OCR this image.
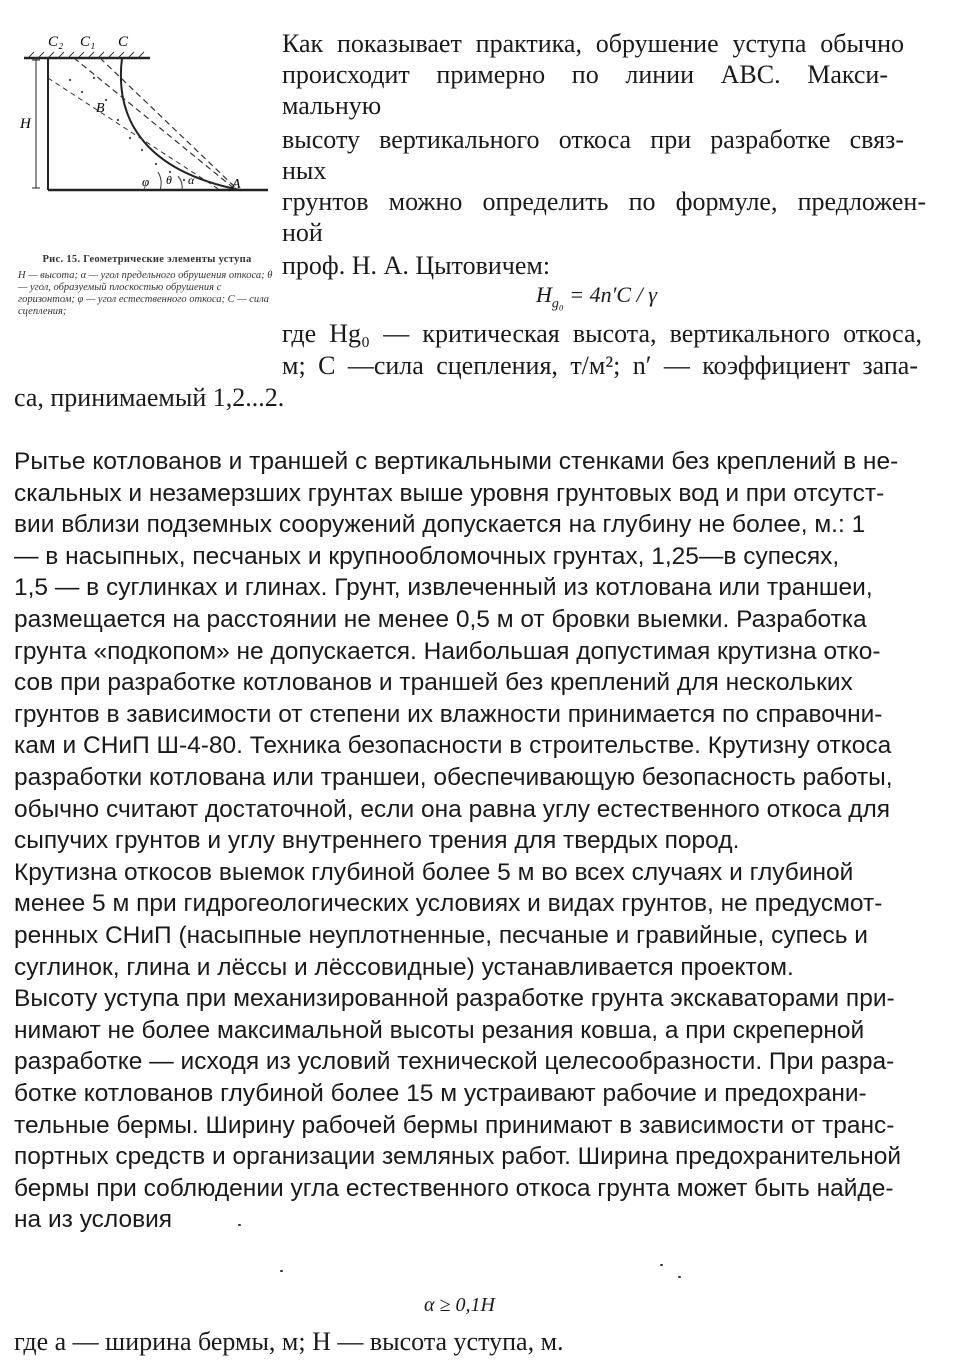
C₂ C₁ C
H
B
A
φ θ α
Рис. 15. Геометрические элементы уступа
Н — высота; α — угол предельного обрушения откоса; θ — угол, образуемый плоскостью обрушения с горизонтом; φ — угол естественного откоса; С — сила сцепления;
Как показывает практика, обрушение уступа обычно
происходит примерно по линии АВС. Макси-
мальную
высоту вертикального откоса при разработке связ-
ных
грунтов можно определить по формуле, предложен-
ной
проф. Н. А. Цытовичем:
$H_{g_0} = 4n'C / \gamma$
где Hg₀ — критическая высота, вертикального откоса,
м; С —сила сцепления, т/м²; n′ — коэффициент запа-
са, принимаемый 1,2...2.
Рытье котлованов и траншей с вертикальными стенками без креплений в не-
скальных и незамерзших грунтах выше уровня грунтовых вод и при отсутст-
вии вблизи подземных сооружений допускается на глубину не более, м.: 1
— в насыпных, песчаных и крупнообломочных грунтах, 1,25—в супесях,
1,5 — в суглинках и глинах. Грунт, извлеченный из котлована или траншеи,
размещается на расстоянии не менее 0,5 м от бровки выемки. Разработка
грунта «подкопом» не допускается. Наибольшая допустимая крутизна отко-
сов при разработке котлованов и траншей без креплений для нескольких
грунтов в зависимости от степени их влажности принимается по справочни-
кам и СНиП Ш-4-80. Техника безопасности в строительстве. Крутизну откоса
разработки котлована или траншеи, обеспечивающую безопасность работы,
обычно считают достаточной, если она равна углу естественного откоса для
сыпучих грунтов и углу внутреннего трения для твердых пород.
Крутизна откосов выемок глубиной более 5 м во всех случаях и глубиной
менее 5 м при гидрогеологических условиях и видах грунтов, не предусмот-
ренных СНиП (насыпные неуплотненные, песчаные и гравийные, супесь и
суглинок, глина и лёссы и лёссовидные) устанавливается проектом.
Высоту уступа при механизированной разработке грунта экскаваторами при-
нимают не более максимальной высоты резания ковша, а при скреперной
разработке — исходя из условий технической целесообразности. При разра-
ботке котлованов глубиной более 15 м устраивают рабочие и предохрани-
тельные бермы. Ширину рабочей бермы принимают в зависимости от транс-
портных средств и организации земляных работ. Ширина предохранительной
бермы при соблюдении угла естественного откоса грунта может быть найде-
на из условия
α ≥ 0,1H
где а — ширина бермы, м; Н — высота уступа, м.
